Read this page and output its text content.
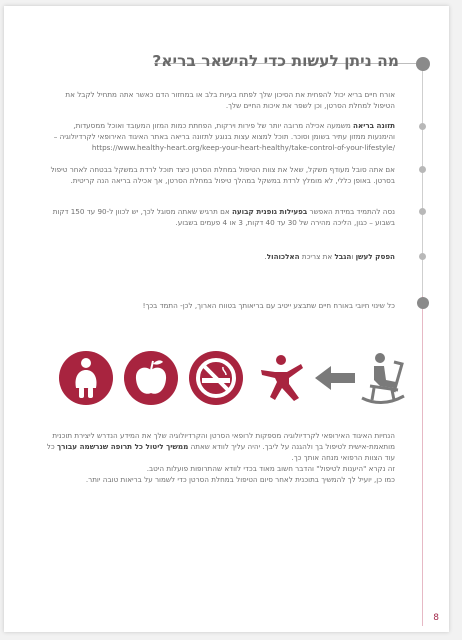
מה ניתן לעשות כדי להישאר בריא?
אורח חיים בריא יכול להפחית את הסיכון שלך לפתח בעיות בלב או במחזור הדם כאשר אתה מתחיל לקבל את הטיפול למחלת הסרטן, וכן לשפר את איכות החיים שלך.
תזונה בריאה משמעה אכילה מרובה יותר של פירות וירקות, הפחתת כמות המזון המעובד ואוכל ממסעדות, והימנעות ממזון עתיר בשומן וסוכר. תוכל למצוא עצות בנוגע לתזונה בריאה באתר האיגוד האירופאי לקרדיולוגיה –
https://www.healthy-heart.org/keep-your-heart-healthy/take-control-of-your-lifestyle/
אם אתה סובל מעודף משקל, שאל את צוות הטיפול במחלת הסרטן כיצד תוכל לרדת במשקל בבטחה לאחר טיפול בסרטן. באופן כללי, לא מומלץ לרדת במשקל במהלך טיפול במחלת הסרטן, אך אכילה בריאה הנה קריטית.
נסה להתמיד במידת האפשר בפעילות גופנית קבועה אם תרגיש שאתה מסוגל לכך, יש לכוון ל-90 עד 150 דקות בשבוע – כגון, הליכה מהירה של 30 עד 40 דקות, 3 או 4 פעמים בשבוע.
הפסק לעשן והגבל את צריכת האלכוהול.
כל שינוי חיובי באורח חיים שתבצע ייטיב עם בריאותך בטווח הארוך, לכן- התמד בכך!
הנחיות האיגוד האירופאי לקרדיולוגיה מספקות לרופאי הסרטן והקרדיולוגיה שלך את המידע הנדרש ליצירת תוכנית מותאמת-אישית לטיפול בך ולהגנה על ליבך. יהיה עליך לוודא שאתה ממשיך ליטול כל תרופה שנרשמה עבורך כל עוד הצוות הרפואי מנחה אותך כך.
זה נקרא "היענות לטיפול" והדבר חשוב מאוד בכדי לוודא שהתרופות פועלות היטב.
כמו כן, יועיל לך להמשיך בתוכנית לאחר סיום הטיפול במחלת הסרטן כדי לשמור על בריאות טובה יותר.
8
